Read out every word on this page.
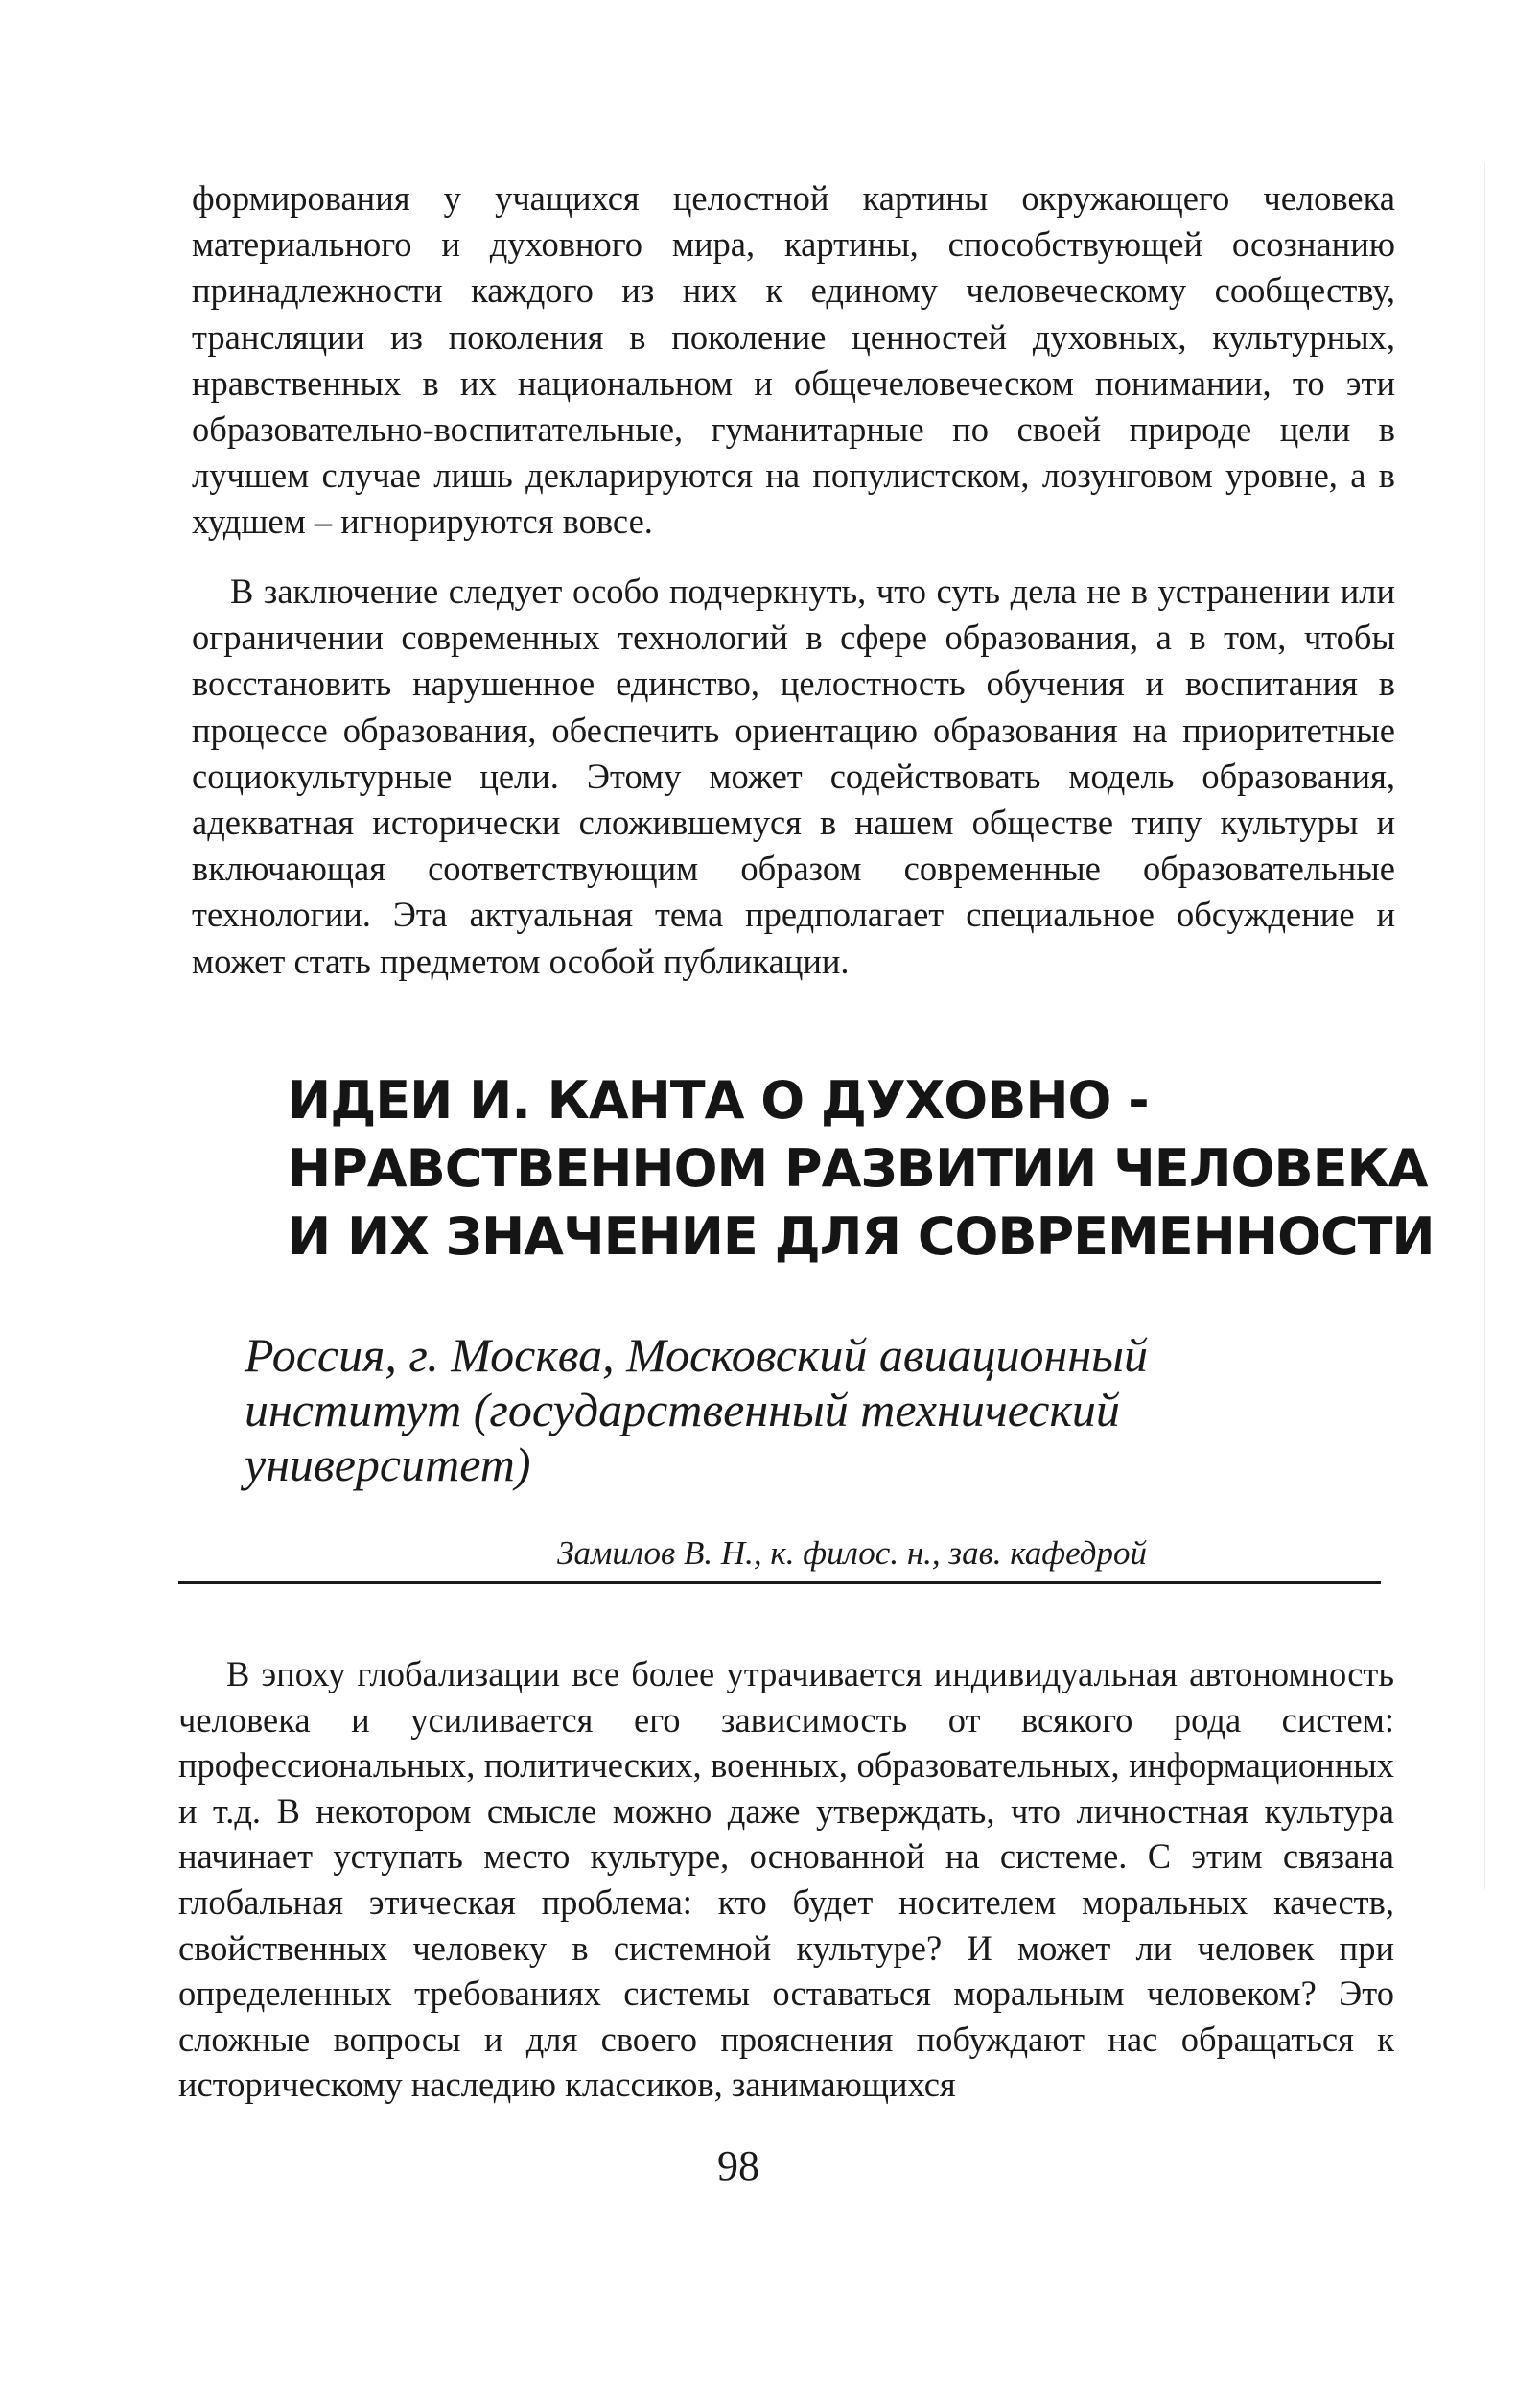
формирования у учащихся целостной картины окружающего человека материального и духовного мира, картины, способствующей осознанию принадлежности каждого из них к единому человеческому сообществу, трансляции из поколения в поколение ценностей духовных, культурных, нравственных в их национальном и общечеловеческом понимании, то эти образовательно-воспитательные, гуманитарные по своей природе цели в лучшем случае лишь декларируются на популистском, лозунговом уровне, а в худшем – игнорируются вовсе.

В заключение следует особо подчеркнуть, что суть дела не в устранении или ограничении современных технологий в сфере образования, а в том, чтобы восстановить нарушенное единство, целостность обучения и воспитания в процессе образования, обеспечить ориентацию образования на приоритетные социокультурные цели. Этому может содействовать модель образования, адекватная исторически сложившемуся в нашем обществе типу культуры и включающая соответствующим образом современные образовательные технологии. Эта актуальная тема предполагает специальное обсуждение и может стать предметом особой публикации.

ИДЕИ И. КАНТА О ДУХОВНО -
НРАВСТВЕННОМ РАЗВИТИИ ЧЕЛОВЕКА
И ИХ ЗНАЧЕНИЕ ДЛЯ СОВРЕМЕННОСТИ

Россия, г. Москва, Московский авиационный
институт (государственный технический
университет)

Замилов В. Н., к. филос. н., зав. кафедрой

В эпоху глобализации все более утрачивается индивидуальная автономность человека и усиливается его зависимость от всякого рода систем: профессиональных, политических, военных, образовательных, информационных и т.д. В некотором смысле можно даже утверждать, что личностная культура начинает уступать место культуре, основанной на системе. С этим связана глобальная этическая проблема: кто будет носителем моральных качеств, свойственных человеку в системной культуре? И может ли человек при определенных требованиях системы оставаться моральным человеком? Это сложные вопросы и для своего прояснения побуждают нас обращаться к историческому наследию классиков, занимающихся

98
